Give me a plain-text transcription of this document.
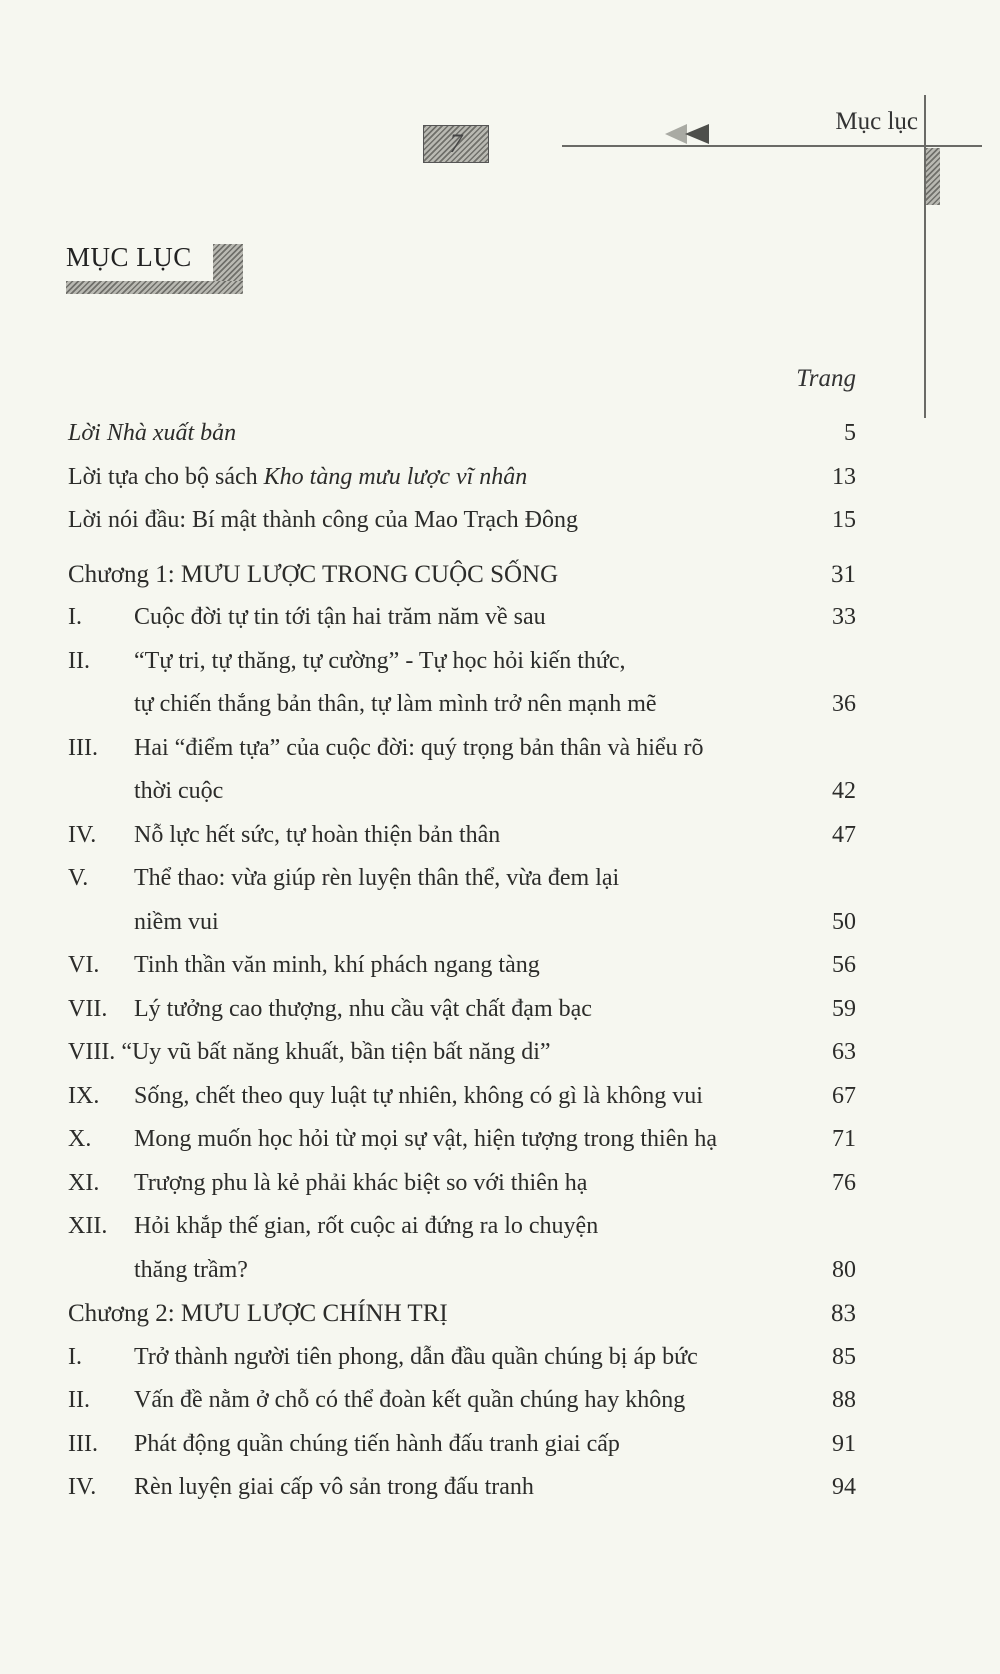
7
Mục lục
MỤC LỤC
Trang
Lời Nhà xuất bản	5
Lời tựa cho bộ sách Kho tàng mưu lược vĩ nhân	13
Lời nói đầu: Bí mật thành công của Mao Trạch Đông	15
Chương 1: MƯU LƯỢC TRONG CUỘC SỐNG	31
I.	Cuộc đời tự tin tới tận hai trăm năm về sau	33
II.	“Tự tri, tự thăng, tự cường” - Tự học hỏi kiến thức,
tự chiến thắng bản thân, tự làm mình trở nên mạnh mẽ	36
III.	Hai “điểm tựa” của cuộc đời: quý trọng bản thân và hiểu rõ
thời cuộc	42
IV.	Nỗ lực hết sức, tự hoàn thiện bản thân	47
V.	Thể thao: vừa giúp rèn luyện thân thể, vừa đem lại
niềm vui	50
VI.	Tinh thần văn minh, khí phách ngang tàng	56
VII.	Lý tưởng cao thượng, nhu cầu vật chất đạm bạc	59
VIII. “Uy vũ bất năng khuất, bần tiện bất năng di”	63
IX.	Sống, chết theo quy luật tự nhiên, không có gì là không vui	67
X.	Mong muốn học hỏi từ mọi sự vật, hiện tượng trong thiên hạ	71
XI.	Trượng phu là kẻ phải khác biệt so với thiên hạ	76
XII.	Hỏi khắp thế gian, rốt cuộc ai đứng ra lo chuyện
thăng trầm?	80
Chương 2: MƯU LƯỢC CHÍNH TRỊ	83
I.	Trở thành người tiên phong, dẫn đầu quần chúng bị áp bức	85
II.	Vấn đề nằm ở chỗ có thể đoàn kết quần chúng hay không	88
III.	Phát động quần chúng tiến hành đấu tranh giai cấp	91
IV.	Rèn luyện giai cấp vô sản trong đấu tranh	94
